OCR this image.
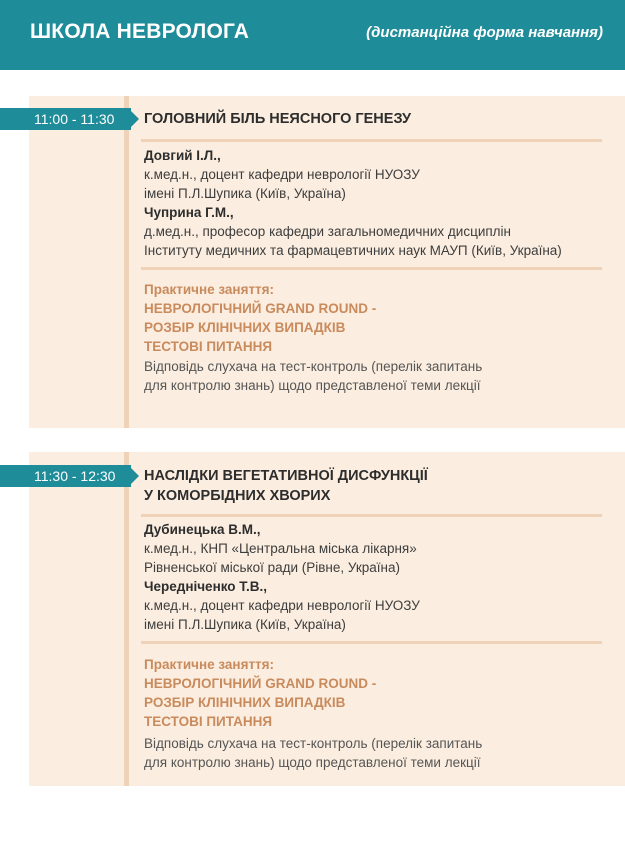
ШКОЛА НЕВРОЛОГА	(дистанційна форма навчання)
11:00 - 11:30	ГОЛОВНИЙ БІЛЬ НЕЯСНОГО ГЕНЕЗУ
Довгий І.Л.,
к.мед.н., доцент кафедри неврології НУОЗУ
імені П.Л.Шупика (Київ, Україна)
Чуприна Г.М.,
д.мед.н., професор кафедри загальномедичних дисциплін
Інституту медичних та фармацевтичних наук МАУП (Київ, Україна)
Практичне заняття:
НЕВРОЛОГІЧНИЙ GRAND ROUND -
РОЗБІР КЛІНІЧНИХ ВИПАДКІВ
ТЕСТОВІ ПИТАННЯ
Відповідь слухача на тест-контроль (перелік запитань
для контролю знань) щодо представленої теми лекції
11:30 - 12:30	НАСЛІДКИ ВЕГЕТАТИВНОЇ ДИСФУНКЦІЇ
У КОМОРБІДНИХ ХВОРИХ
Дубинецька В.М.,
к.мед.н., КНП «Центральна міська лікарня»
Рівненської міської ради (Рівне, Україна)
Чередніченко Т.В.,
к.мед.н., доцент кафедри неврології НУОЗУ
імені П.Л.Шупика (Київ, Україна)
Практичне заняття:
НЕВРОЛОГІЧНИЙ GRAND ROUND -
РОЗБІР КЛІНІЧНИХ ВИПАДКІВ
ТЕСТОВІ ПИТАННЯ
Відповідь слухача на тест-контроль (перелік запитань
для контролю знань) щодо представленої теми лекції
